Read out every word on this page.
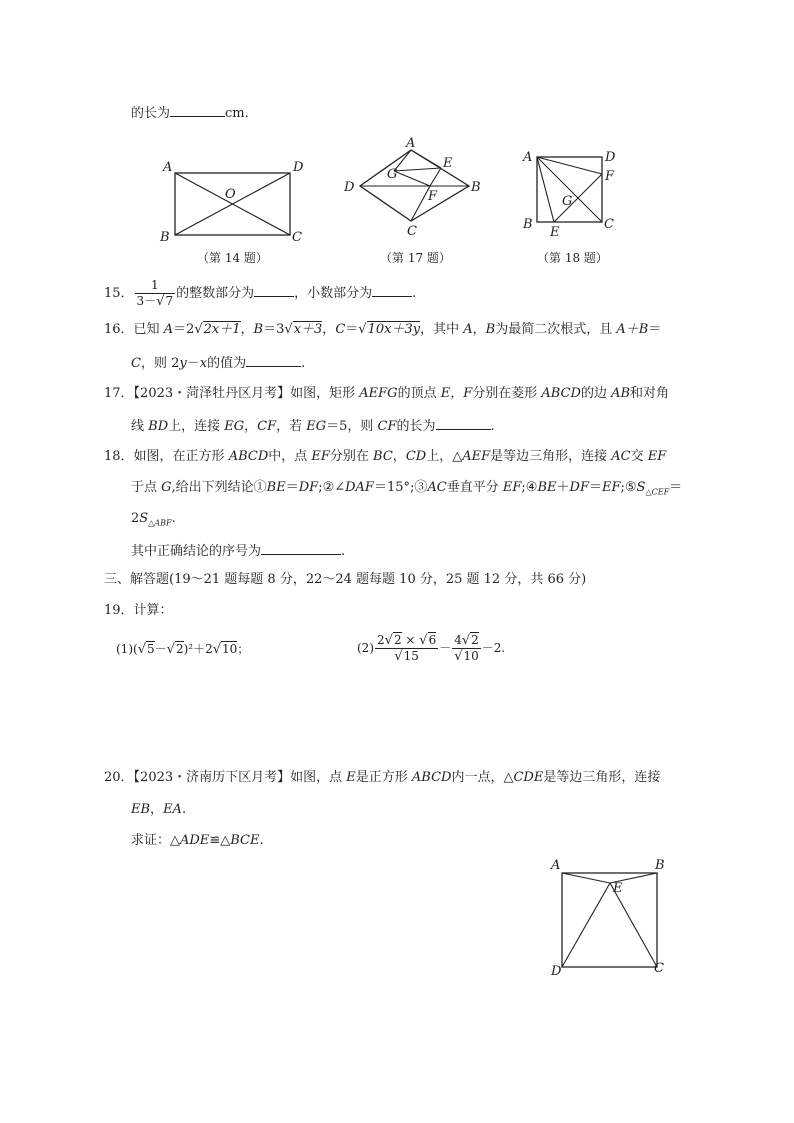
的长为	cm.
A	D
B	C
O
（第 14 题）
A
B
C
D
E
F
G
（第 17 题）
A	D
F
B
E
C
G
（第 18 题）
15． $\frac{1}{3-√7}$ 的整数部分为	，小数部分为	.
16．已知 A＝2√2x＋1，B＝3√x＋3，C＝√10x＋3y，其中 A，B为最简二次根式，且 A＋B＝
C，则 2y－x的值为	.
17．【2023・菏泽牡丹区月考】如图，矩形 AEFG的顶点 E，F分别在菱形 ABCD的边 AB和对角
线 BD上，连接 EG，CF，若 EG＝5，则 CF的长为	.
18．如图，在正方形 ABCD中，点 EF分别在 BC，CD上，△AEF是等边三角形，连接 AC交 EF
于点 G,给出下列结论①BE＝DF;②∠DAF＝15°;③AC垂直平分 $EF;④BE+DF=EF;⑤S_{\triangle CEF}=$
$2S_{\triangle ABF}$.
其中正确结论的序号为	.
三、解答题(19～21 题每题 8 分，22～24 题每题 10 分，25 题 12 分，共 66 分)
19．计算：
(1)(√5－√2)²＋2√10；	$(2) \frac{2√2 \times √6}{√15} - \frac{4√2}{√10} -2$.
20．【2023・济南历下区月考】如图，点 E是正方形 ABCD内一点，△CDE是等边三角形，连接
EB，EA.
求证：△ADE≌△BCE.
A	B
C
D
E
